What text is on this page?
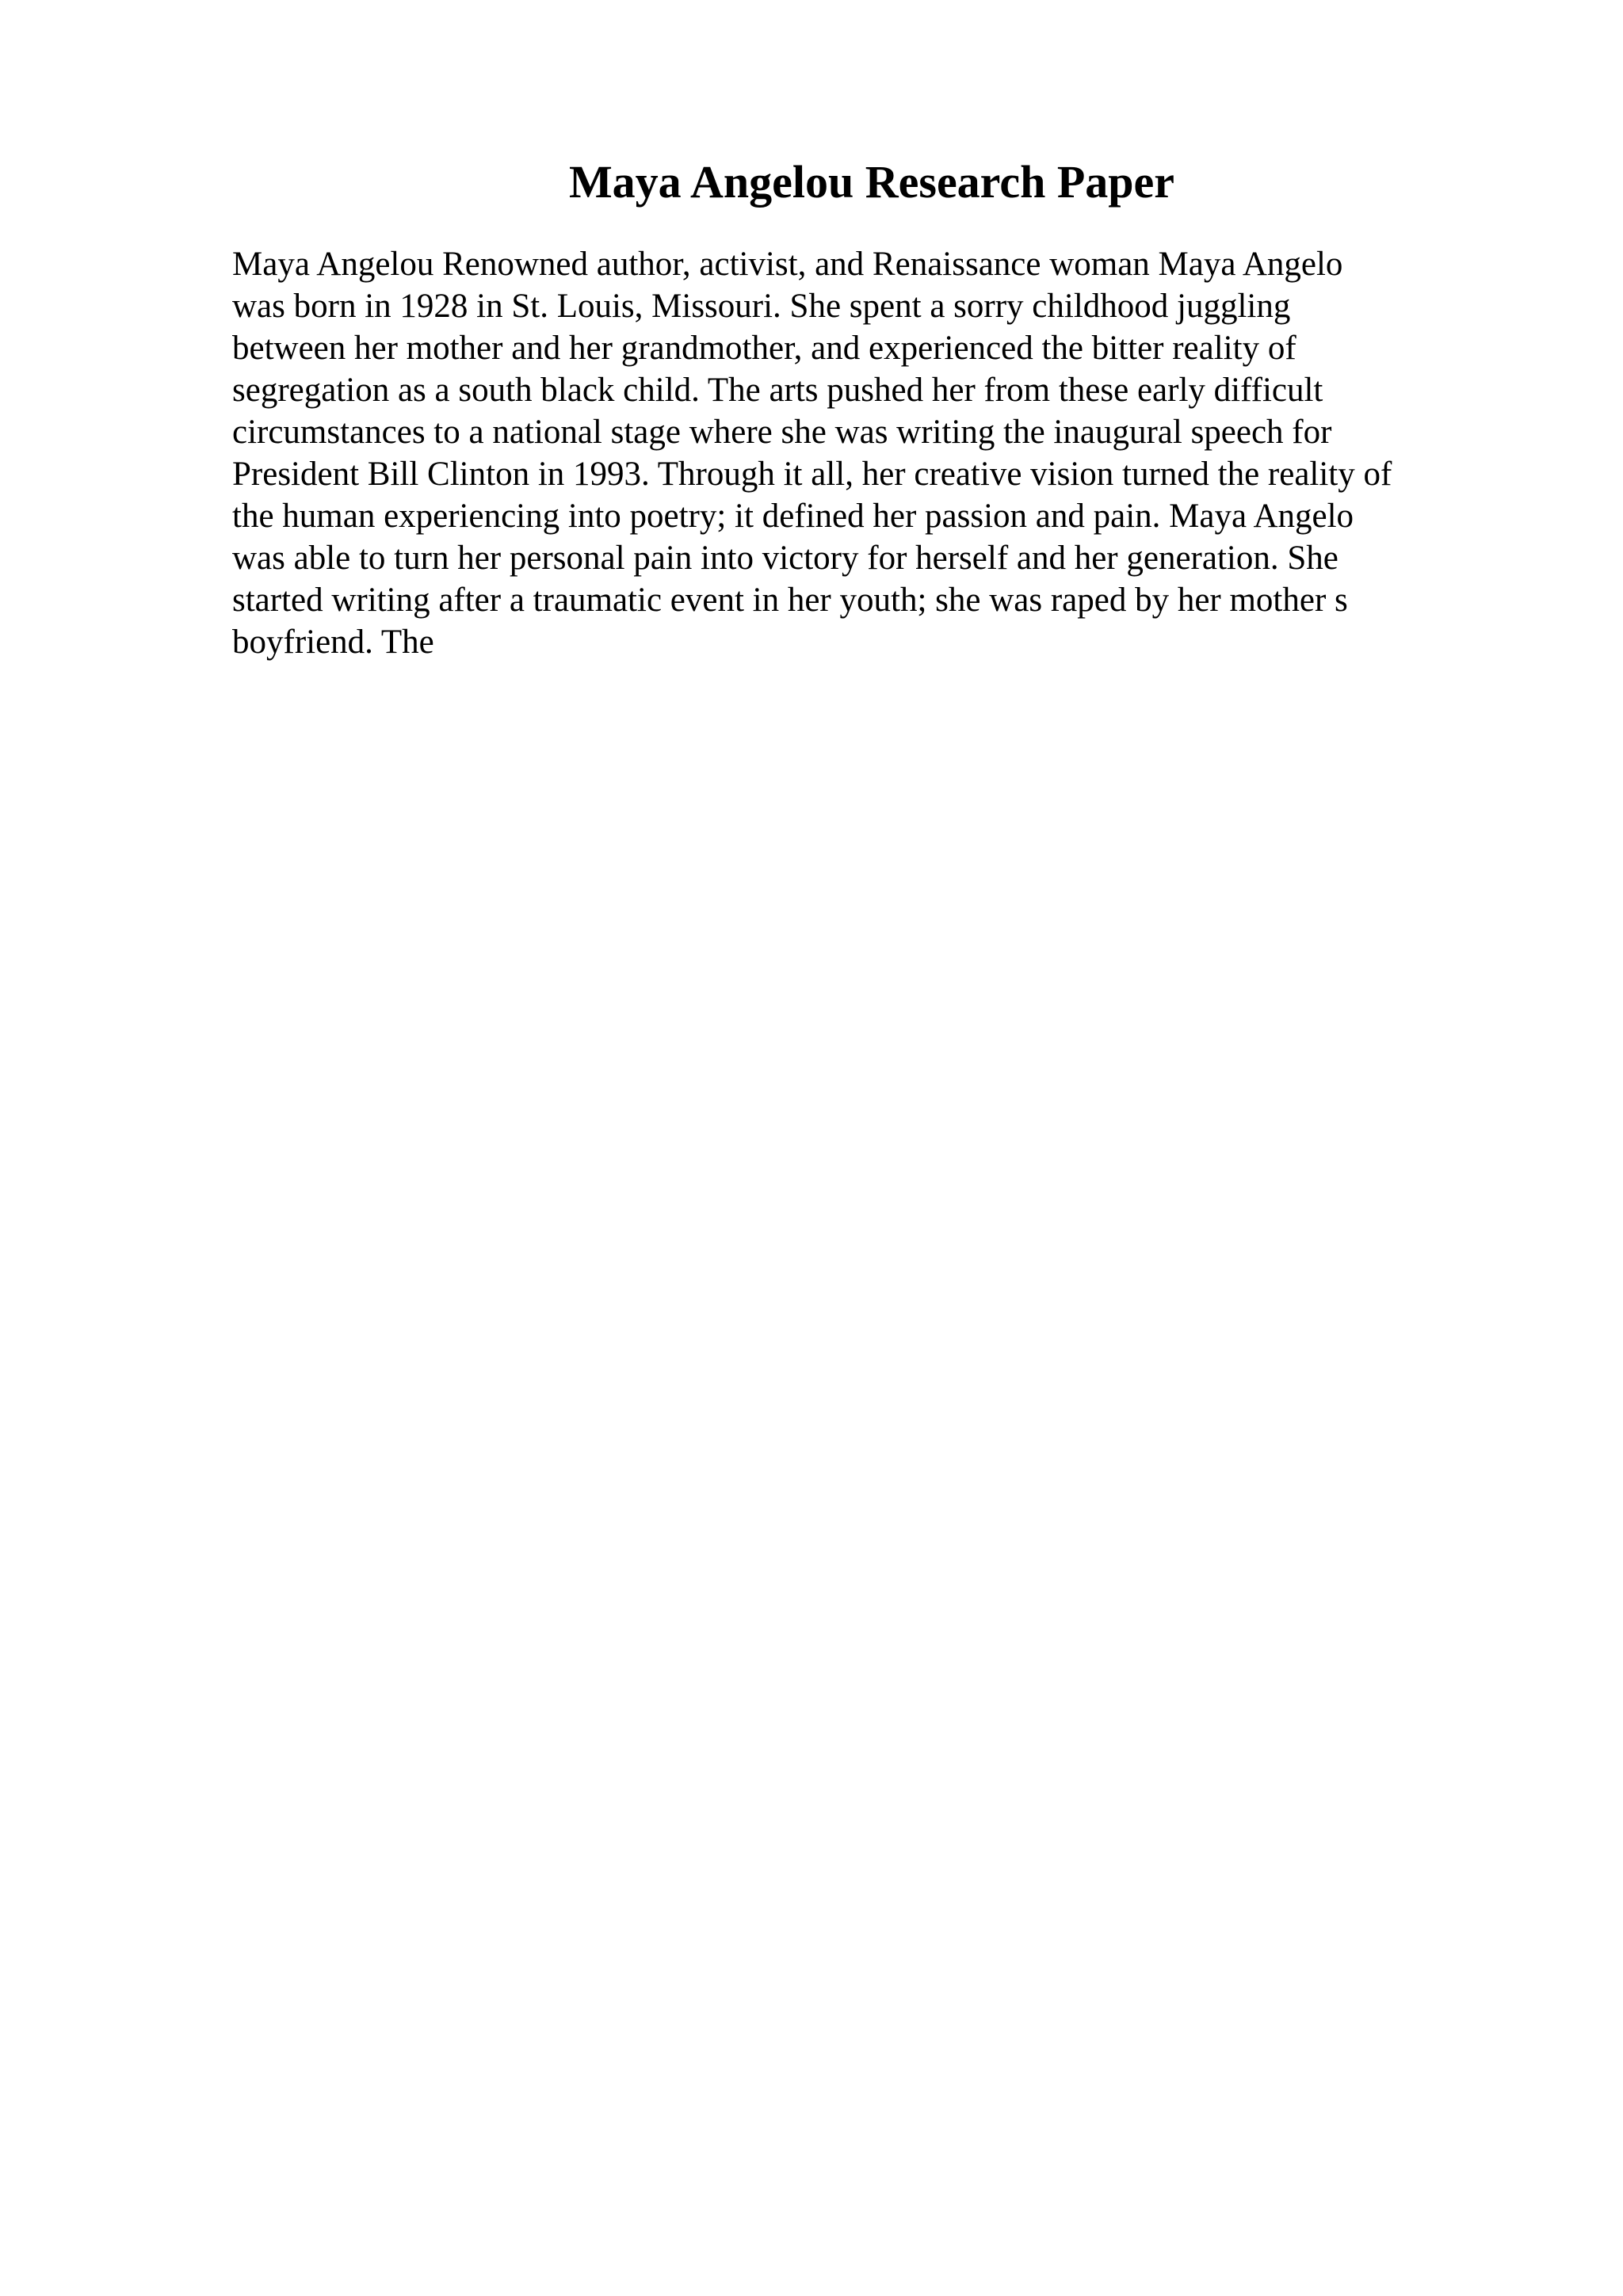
Maya Angelou Research Paper

Maya Angelou Renowned author, activist, and Renaissance woman Maya Angelo
was born in 1928 in St. Louis, Missouri. She spent a sorry childhood juggling
between her mother and her grandmother, and experienced the bitter reality of
segregation as a south black child. The arts pushed her from these early difficult
circumstances to a national stage where she was writing the inaugural speech for
President Bill Clinton in 1993. Through it all, her creative vision turned the reality of
the human experiencing into poetry; it defined her passion and pain. Maya Angelo
was able to turn her personal pain into victory for herself and her generation. She
started writing after a traumatic event in her youth; she was raped by her mother s
boyfriend. The
